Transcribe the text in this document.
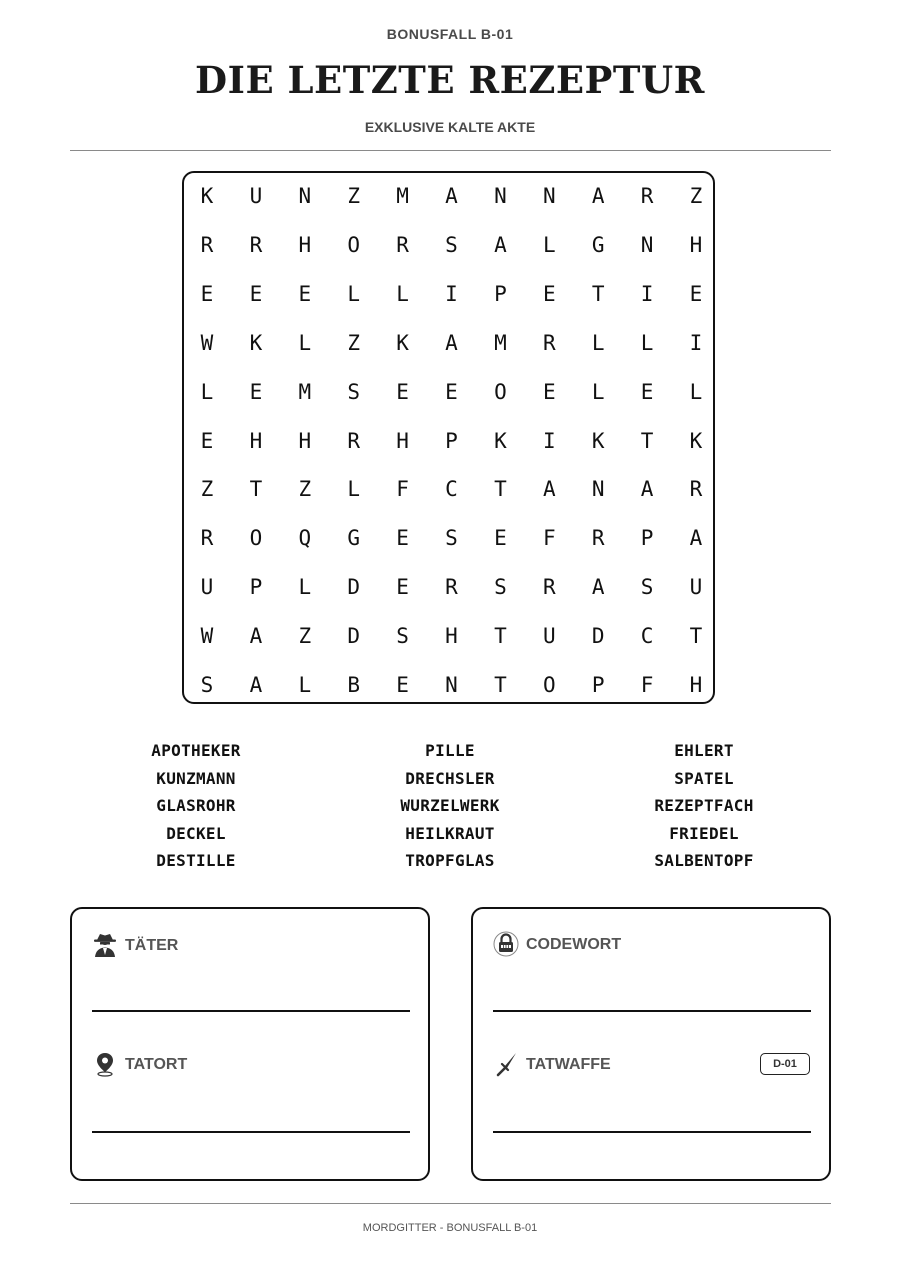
BONUSFALL B-01
DIE LETZTE REZEPTUR
EXKLUSIVE KALTE AKTE
K	U	N	Z	M	A	N	N	A	R	Z
R	R	H	O	R	S	A	L	G	N	H
E	E	E	L	L	I	P	E	T	I	E
W	K	L	Z	K	A	M	R	L	L	I
L	E	M	S	E	E	O	E	L	E	L
E	H	H	R	H	P	K	I	K	T	K
Z	T	Z	L	F	C	T	A	N	A	R
R	O	Q	G	E	S	E	F	R	P	A
U	P	L	D	E	R	S	R	A	S	U
W	A	Z	D	S	H	T	U	D	C	T
S	A	L	B	E	N	T	O	P	F	H
APOTHEKER
KUNZMANN
GLASROHR
DECKEL
DESTILLE
PILLE
DRECHSLER
WURZELWERK
HEILKRAUT
TROPFGLAS
EHLERT
SPATEL
REZEPTFACH
FRIEDEL
SALBENTOPF
TÄTER
TATORT
CODEWORT
TATWAFFE	D-01
MORDGITTER - BONUSFALL B-01
